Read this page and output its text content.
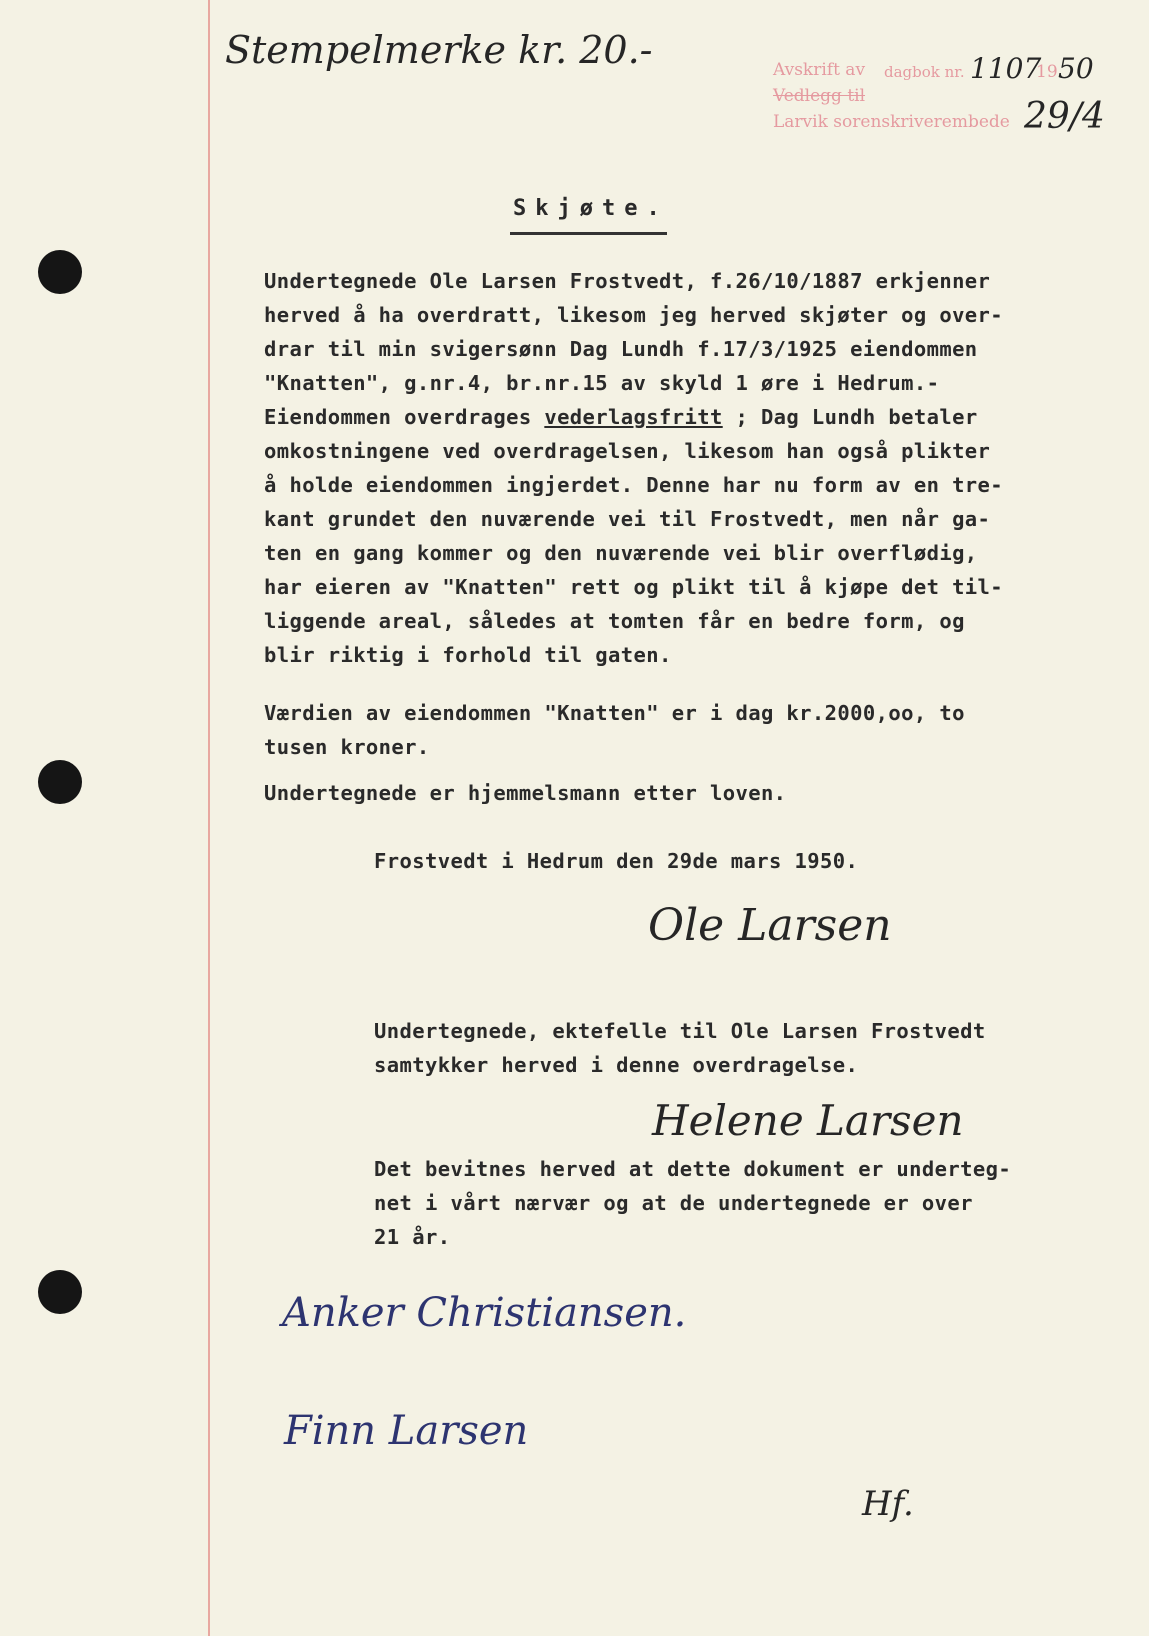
Stempelmerke kr. 20.-	Avskrift av dagbok nr. 1107
19 50
Vedlegg til
Larvik sorenskriverembede 29/4
Skjøte.

Undertegnede Ole Larsen Frostvedt, f.26/10/1887 erkjenner
herved å ha overdratt, likesom jeg herved skjøter og over-
drar til min svigersønn Dag Lundh f.17/3/1925 eiendommen
"Knatten", g.nr.4, br.nr.15 av skyld 1 øre i Hedrum.-
Eiendommen overdrages vederlagsfritt ; Dag Lundh betaler
omkostningene ved overdragelsen, likesom han også plikter
å holde eiendommen ingjerdet. Denne har nu form av en tre-
kant grundet den nuværende vei til Frostvedt, men når ga-
ten en gang kommer og den nuværende vei blir overflødig,
har eieren av "Knatten" rett og plikt til å kjøpe det til-
liggende areal, således at tomten får en bedre form, og
blir riktig i forhold til gaten.

Værdien av eiendommen "Knatten" er i dag kr.2000,oo, to
tusen kroner.

Undertegnede er hjemmelsmann etter loven.

Frostvedt i Hedrum den 29de mars 1950.

Ole Larsen

Undertegnede, ektefelle til Ole Larsen Frostvedt
samtykker herved i denne overdragelse.

Helene Larsen

Det bevitnes herved at dette dokument er underteg-
net i vårt nærvær og at de undertegnede er over
21 år.

Anker Christiansen.
Finn Larsen
Hf.
